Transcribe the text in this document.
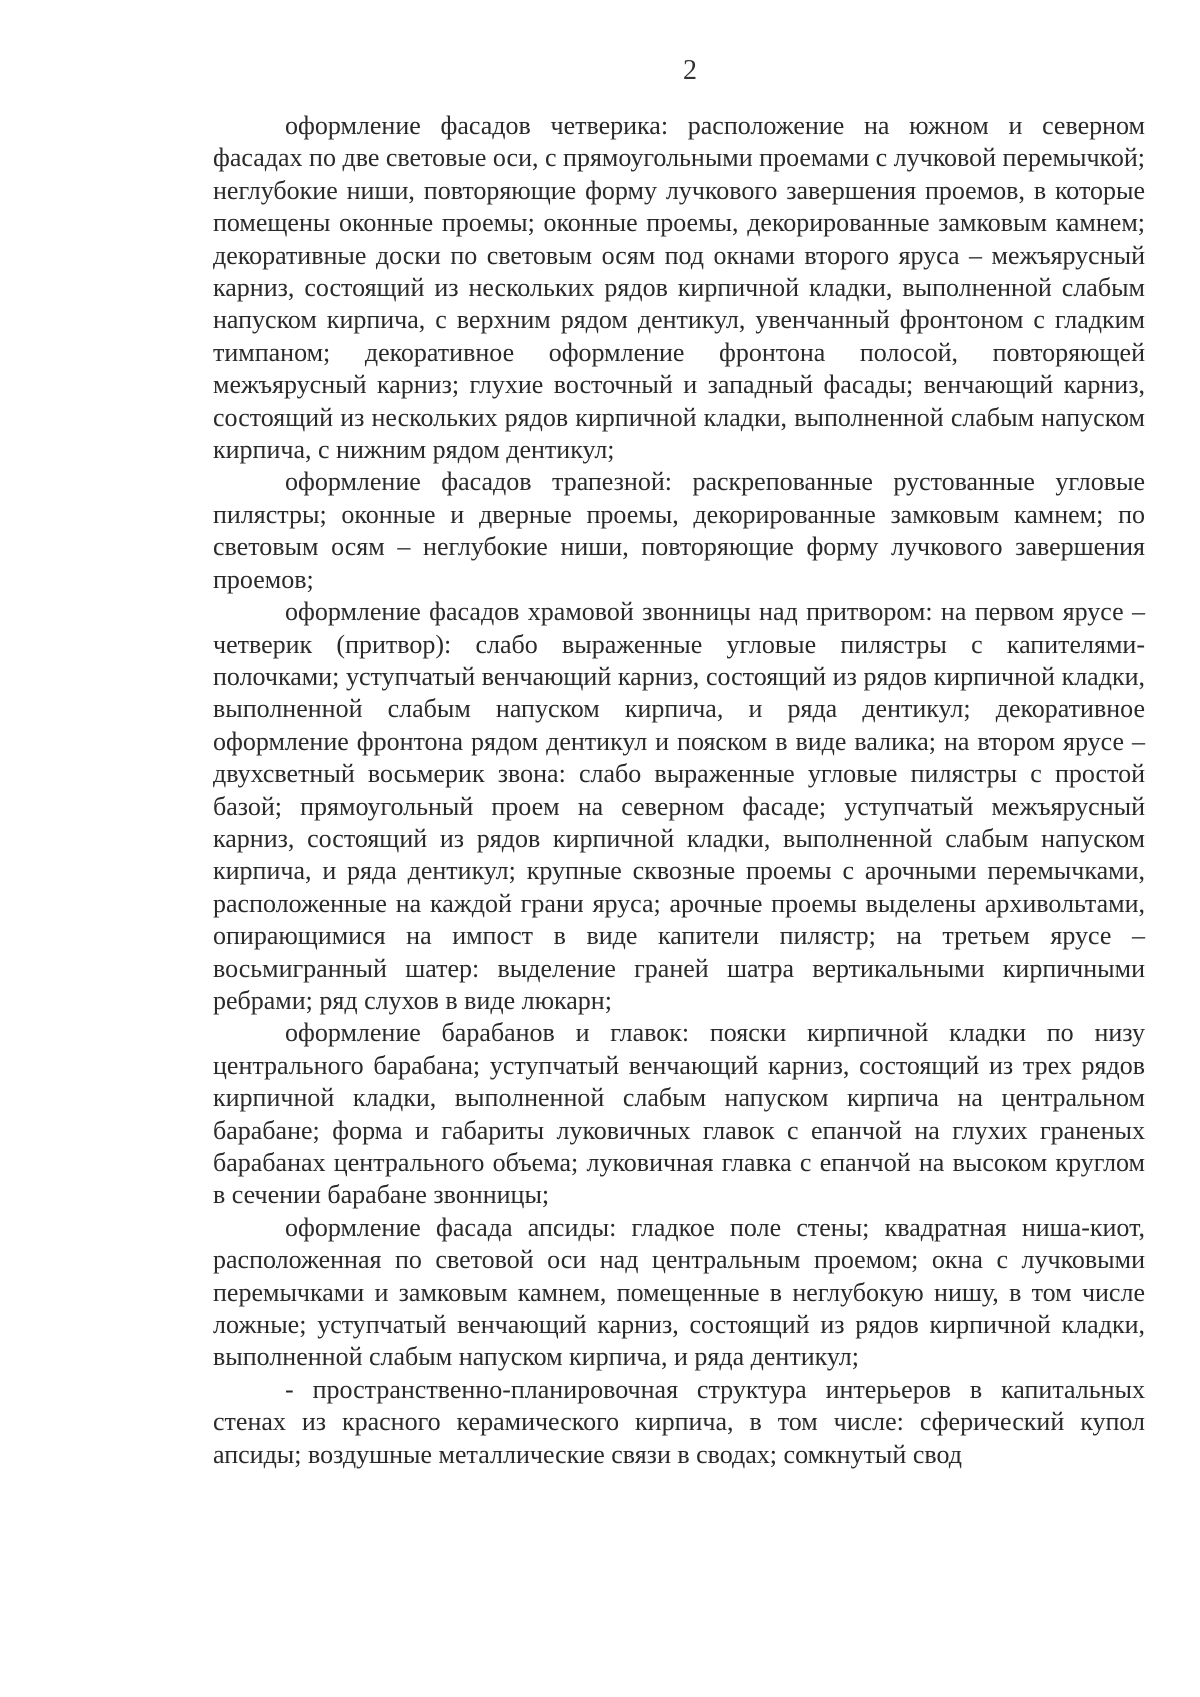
2

оформление фасадов четверика: расположение на южном и северном фасадах по две световые оси, с прямоугольными проемами с лучковой перемычкой; неглубокие ниши, повторяющие форму лучкового завершения проемов, в которые помещены оконные проемы; оконные проемы, декорированные замковым камнем; декоративные доски по световым осям под окнами второго яруса – межъярусный карниз, состоящий из нескольких рядов кирпичной кладки, выполненной слабым напуском кирпича, с верхним рядом дентикул, увенчанный фронтоном с гладким тимпаном; декоративное оформление фронтона полосой, повторяющей межъярусный карниз; глухие восточный и западный фасады; венчающий карниз, состоящий из нескольких рядов кирпичной кладки, выполненной слабым напуском кирпича, с нижним рядом дентикул;

оформление фасадов трапезной: раскрепованные рустованные угловые пилястры; оконные и дверные проемы, декорированные замковым камнем; по световым осям – неглубокие ниши, повторяющие форму лучкового завершения проемов;

оформление фасадов храмовой звонницы над притвором: на первом ярусе – четверик (притвор): слабо выраженные угловые пилястры с капителями-полочками; уступчатый венчающий карниз, состоящий из рядов кирпичной кладки, выполненной слабым напуском кирпича, и ряда дентикул; декоративное оформление фронтона рядом дентикул и пояском в виде валика; на втором ярусе – двухсветный восьмерик звона: слабо выраженные угловые пилястры с простой базой; прямоугольный проем на северном фасаде; уступчатый межъярусный карниз, состоящий из рядов кирпичной кладки, выполненной слабым напуском кирпича, и ряда дентикул; крупные сквозные проемы с арочными перемычками, расположенные на каждой грани яруса; арочные проемы выделены архивольтами, опирающимися на импост в виде капители пилястр; на третьем ярусе – восьмигранный шатер: выделение граней шатра вертикальными кирпичными ребрами; ряд слухов в виде люкарн;

оформление барабанов и главок: пояски кирпичной кладки по низу центрального барабана; уступчатый венчающий карниз, состоящий из трех рядов кирпичной кладки, выполненной слабым напуском кирпича на центральном барабане; форма и габариты луковичных главок с епанчой на глухих граненых барабанах центрального объема; луковичная главка с епанчой на высоком круглом в сечении барабане звонницы;

оформление фасада апсиды: гладкое поле стены; квадратная ниша-киот, расположенная по световой оси над центральным проемом; окна с лучковыми перемычками и замковым камнем, помещенные в неглубокую нишу, в том числе ложные; уступчатый венчающий карниз, состоящий из рядов кирпичной кладки, выполненной слабым напуском кирпича, и ряда дентикул;

- пространственно-планировочная структура интерьеров в капитальных стенах из красного керамического кирпича, в том числе: сферический купол апсиды; воздушные металлические связи в сводах; сомкнутый свод
